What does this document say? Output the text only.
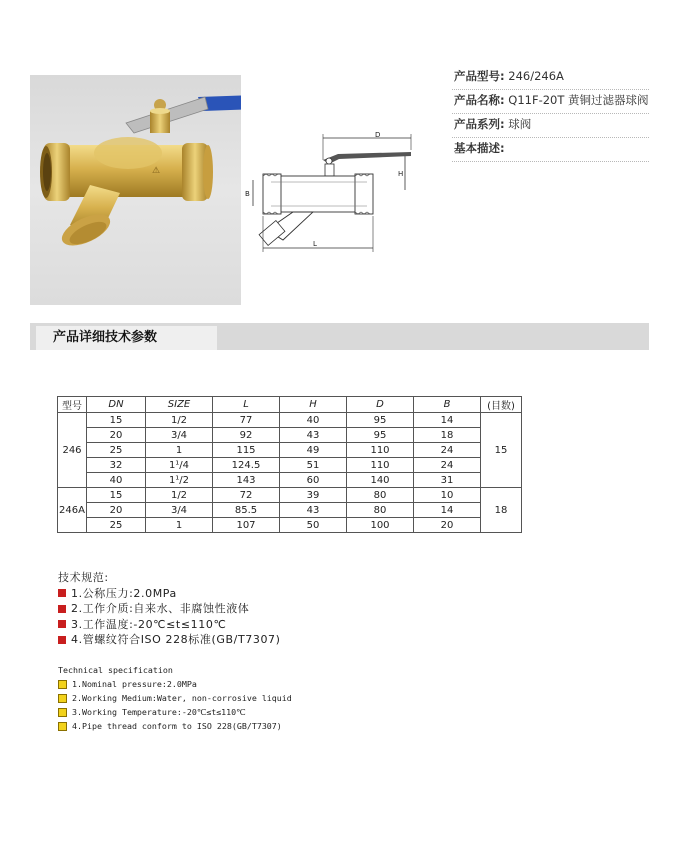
⚠
D
H
B
L
产品型号: 246/246A
产品名称: Q11F-20T 黄铜过滤器球阀
产品系列: 球阀
基本描述:
产品详细技术参数
型号	DN	SIZE	L	H	D	B	(目数)
246	15	1/2	77	40	95	14	15
	20	3/4	92	43	95	18	
	25	1	115	49	110	24	
	32	1¹/4	124.5	51	110	24	
	40	1¹/2	143	60	140	31	
246A	15	1/2	72	39	80	10	18
	20	3/4	85.5	43	80	14	
	25	1	107	50	100	20	
技术规范:
1.公称压力:2.0MPa
2.工作介质:自来水、非腐蚀性液体
3.工作温度:-20℃≤t≤110℃
4.管螺纹符合ISO 228标准(GB/T7307)
Technical specification
1.Nominal pressure:2.0MPa
2.Working Medium:Water, non-corrosive liquid
3.Working Temperature:-20℃≤t≤110℃
4.Pipe thread conform to ISO 228(GB/T7307)
